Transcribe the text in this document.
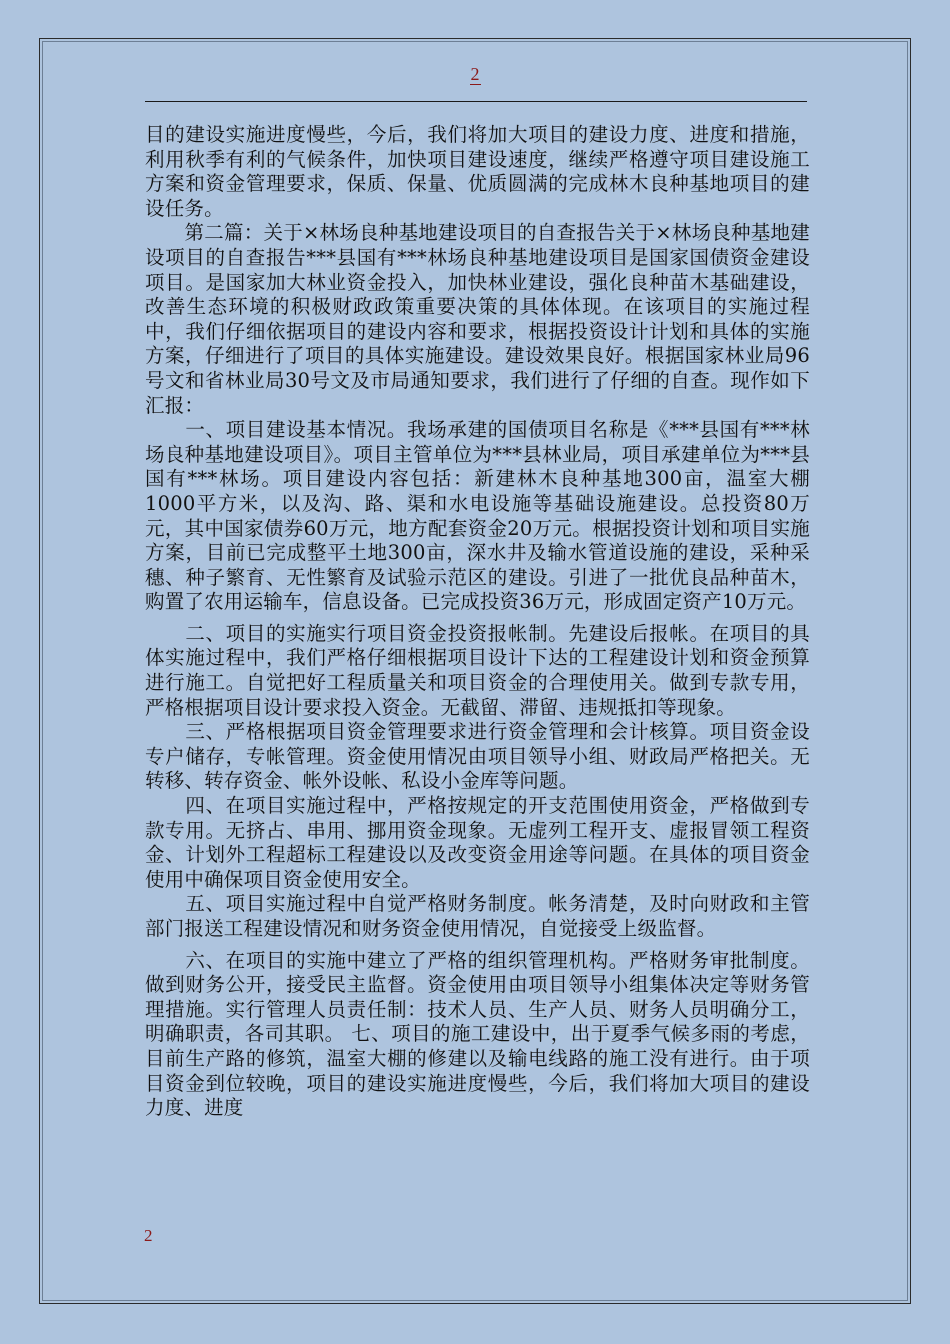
2

目的建设实施进度慢些，今后，我们将加大项目的建设力度、进度和措施，利用秋季有利的气候条件，加快项目建设速度，继续严格遵守项目建设施工方案和资金管理要求，保质、保量、优质圆满的完成林木良种基地项目的建设任务。

　　第二篇：关于×林场良种基地建设项目的自查报告关于×林场良种基地建设项目的自查报告***县国有***林场良种基地建设项目是国家国债资金建设项目。是国家加大林业资金投入，加快林业建设，强化良种苗木基础建设，改善生态环境的积极财政政策重要决策的具体体现。在该项目的实施过程中，我们仔细依据项目的建设内容和要求，根据投资设计计划和具体的实施方案，仔细进行了项目的具体实施建设。建设效果良好。根据国家林业局96号文和省林业局30号文及市局通知要求，我们进行了仔细的自查。现作如下汇报：

　　一、项目建设基本情况。我场承建的国债项目名称是《***县国有***林场良种基地建设项目》。项目主管单位为***县林业局，项目承建单位为***县国有***林场。项目建设内容包括：新建林木良种基地300亩，温室大棚1000平方米，以及沟、路、渠和水电设施等基础设施建设。总投资80万元，其中国家债券60万元，地方配套资金20万元。根据投资计划和项目实施方案，目前已完成整平土地300亩，深水井及输水管道设施的建设，采种采穗、种子繁育、无性繁育及试验示范区的建设。引进了一批优良品种苗木，购置了农用运输车，信息设备。已完成投资36万元，形成固定资产10万元。

　　二、项目的实施实行项目资金投资报帐制。先建设后报帐。在项目的具体实施过程中，我们严格仔细根据项目设计下达的工程建设计划和资金预算进行施工。自觉把好工程质量关和项目资金的合理使用关。做到专款专用，严格根据项目设计要求投入资金。无截留、滞留、违规抵扣等现象。

　　三、严格根据项目资金管理要求进行资金管理和会计核算。项目资金设专户储存，专帐管理。资金使用情况由项目领导小组、财政局严格把关。无转移、转存资金、帐外设帐、私设小金库等问题。

　　四、在项目实施过程中，严格按规定的开支范围使用资金，严格做到专款专用。无挤占、串用、挪用资金现象。无虚列工程开支、虚报冒领工程资金、计划外工程超标工程建设以及改变资金用途等问题。在具体的项目资金使用中确保项目资金使用安全。

　　五、项目实施过程中自觉严格财务制度。帐务清楚，及时向财政和主管部门报送工程建设情况和财务资金使用情况，自觉接受上级监督。

　　六、在项目的实施中建立了严格的组织管理机构。严格财务审批制度。做到财务公开，接受民主监督。资金使用由项目领导小组集体决定等财务管理措施。实行管理人员责任制：技术人员、生产人员、财务人员明确分工，明确职责，各司其职。 七、项目的施工建设中，出于夏季气候多雨的考虑，目前生产路的修筑，温室大棚的修建以及输电线路的施工没有进行。由于项目资金到位较晚，项目的建设实施进度慢些，今后，我们将加大项目的建设力度、进度

2
